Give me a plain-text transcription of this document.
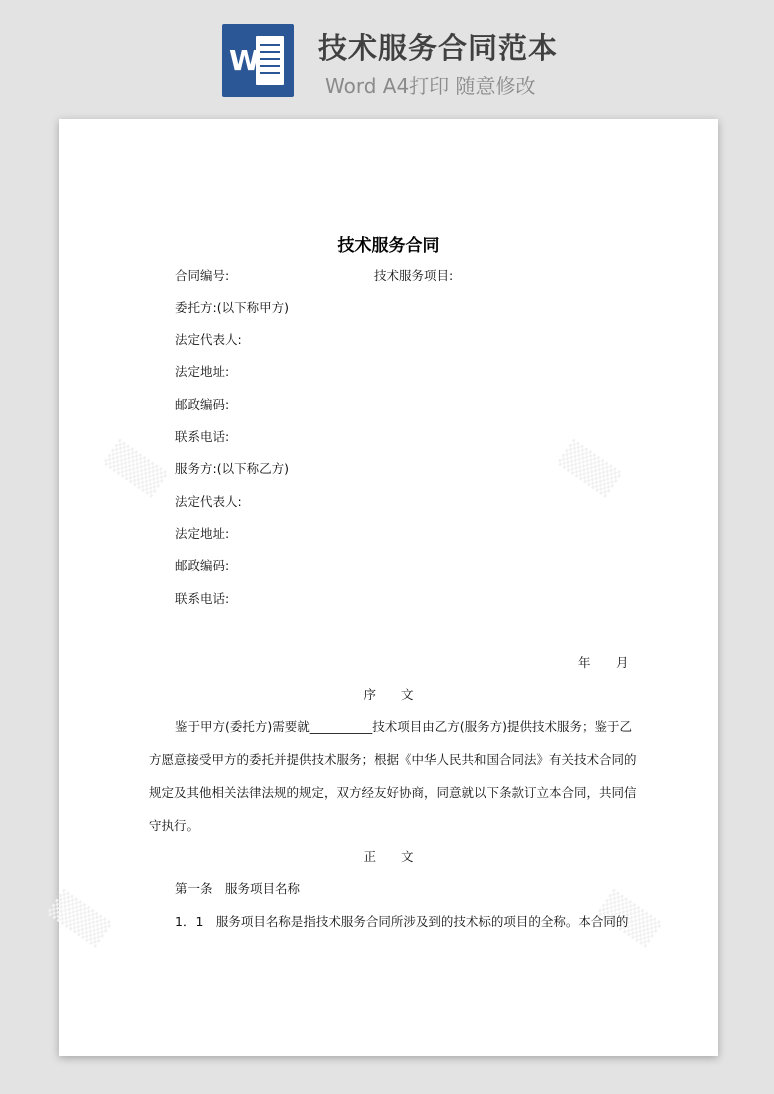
W	技术服务合同范本
Word A4打印 随意修改
▒▒▒	▒▒▒
▒▒▒	▒▒▒
技术服务合同
合同编号:	技术服务项目:
委托方:(以下称甲方)
法定代表人:
法定地址:
邮政编码:
联系电话:
服务方:(以下称乙方)
法定代表人:
法定地址:
邮政编码:
联系电话:
年 月
序　　文
鉴于甲方(委托方)需要就__________技术项目由乙方(服务方)提供技术服务；鉴于乙
方愿意接受甲方的委托并提供技术服务；根据《中华人民共和国合同法》有关技术合同的
规定及其他相关法律法规的规定，双方经友好协商，同意就以下条款订立本合同，共同信
守执行。
正　　文
第一条　服务项目名称
1．1　服务项目名称是指技术服务合同所涉及到的技术标的项目的全称。本合同的
